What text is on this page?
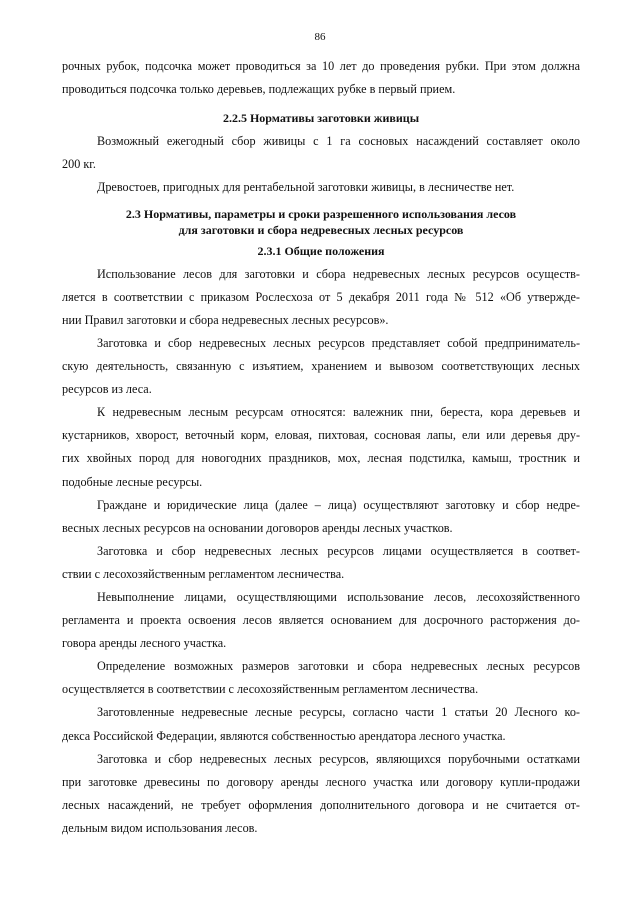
86
рочных рубок, подсочка может проводиться за 10 лет до проведения рубки. При этом должна
проводиться подсочка только деревьев, подлежащих рубке в первый прием.
2.2.5 Нормативы заготовки живицы
Возможный ежегодный сбор живицы с 1 га сосновых насаждений составляет около
200 кг.
Древостоев, пригодных для рентабельной заготовки живицы, в лесничестве нет.
2.3 Нормативы, параметры и сроки разрешенного использования лесов
для заготовки и сбора недревесных лесных ресурсов
2.3.1 Общие положения
Использование лесов для заготовки и сбора недревесных лесных ресурсов осуществ-
ляется в соответствии с приказом Рослесхоза от 5 декабря 2011 года № 512 «Об утвержде-
нии Правил заготовки и сбора недревесных лесных ресурсов».
Заготовка и сбор недревесных лесных ресурсов представляет собой предприниматель-
скую деятельность, связанную с изъятием, хранением и вывозом соответствующих лесных
ресурсов из леса.
К недревесным лесным ресурсам относятся: валежник пни, береста, кора деревьев и
кустарников, хворост, веточный корм, еловая, пихтовая, сосновая лапы, ели или деревья дру-
гих хвойных пород для новогодних праздников, мох, лесная подстилка, камыш, тростник и
подобные лесные ресурсы.
Граждане и юридические лица (далее – лица) осуществляют заготовку и сбор недре-
весных лесных ресурсов на основании договоров аренды лесных участков.
Заготовка и сбор недревесных лесных ресурсов лицами осуществляется в соответ-
ствии с лесохозяйственным регламентом лесничества.
Невыполнение лицами, осуществляющими использование лесов, лесохозяйственного
регламента и проекта освоения лесов является основанием для досрочного расторжения до-
говора аренды лесного участка.
Определение возможных размеров заготовки и сбора недревесных лесных ресурсов
осуществляется в соответствии с лесохозяйственным регламентом лесничества.
Заготовленные недревесные лесные ресурсы, согласно части 1 статьи 20 Лесного ко-
декса Российской Федерации, являются собственностью арендатора лесного участка.
Заготовка и сбор недревесных лесных ресурсов, являющихся порубочными остатками
при заготовке древесины по договору аренды лесного участка или договору купли-продажи
лесных насаждений, не требует оформления дополнительного договора и не считается от-
дельным видом использования лесов.
